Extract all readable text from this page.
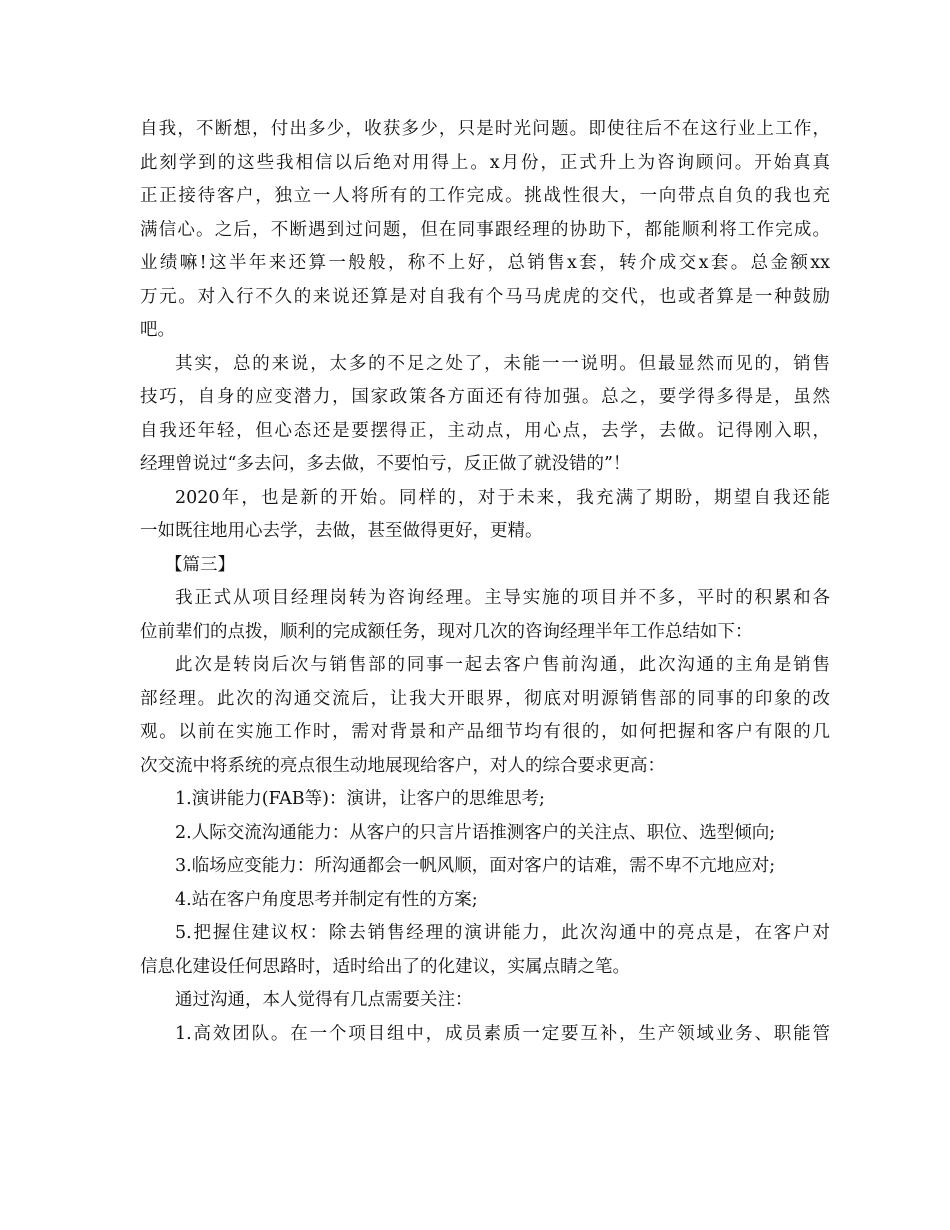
自我，不断想，付出多少，收获多少，只是时光问题。即使往后不在这行业上工作，
此刻学到的这些我相信以后绝对用得上。x月份，正式升上为咨询顾问。开始真真
正正接待客户，独立一人将所有的工作完成。挑战性很大，一向带点自负的我也充
满信心。之后，不断遇到过问题，但在同事跟经理的协助下，都能顺利将工作完成。
业绩嘛!这半年来还算一般般，称不上好，总销售x套，转介成交x套。总金额xx
万元。对入行不久的来说还算是对自我有个马马虎虎的交代，也或者算是一种鼓励
吧。
其实，总的来说，太多的不足之处了，未能一一说明。但最显然而见的，销售
技巧，自身的应变潜力，国家政策各方面还有待加强。总之，要学得多得是，虽然
自我还年轻，但心态还是要摆得正，主动点，用心点，去学，去做。记得刚入职，
经理曾说过“多去问，多去做，不要怕亏，反正做了就没错的”！
2020年，也是新的开始。同样的，对于未来，我充满了期盼，期望自我还能
一如既往地用心去学，去做，甚至做得更好，更精。
【篇三】
我正式从项目经理岗转为咨询经理。主导实施的项目并不多，平时的积累和各
位前辈们的点拨，顺利的完成额任务，现对几次的咨询经理半年工作总结如下：
此次是转岗后次与销售部的同事一起去客户售前沟通，此次沟通的主角是销售
部经理。此次的沟通交流后，让我大开眼界，彻底对明源销售部的同事的印象的改
观。以前在实施工作时，需对背景和产品细节均有很的，如何把握和客户有限的几
次交流中将系统的亮点很生动地展现给客户，对人的综合要求更高：
1.演讲能力(FAB等)：演讲，让客户的思维思考;
2.人际交流沟通能力：从客户的只言片语推测客户的关注点、职位、选型倾向;
3.临场应变能力：所沟通都会一帆风顺，面对客户的诘难，需不卑不亢地应对;
4.站在客户角度思考并制定有性的方案;
5.把握住建议权：除去销售经理的演讲能力，此次沟通中的亮点是，在客户对
信息化建设任何思路时，适时给出了的化建议，实属点睛之笔。
通过沟通，本人觉得有几点需要关注：
1.高效团队。在一个项目组中，成员素质一定要互补，生产领域业务、职能管
